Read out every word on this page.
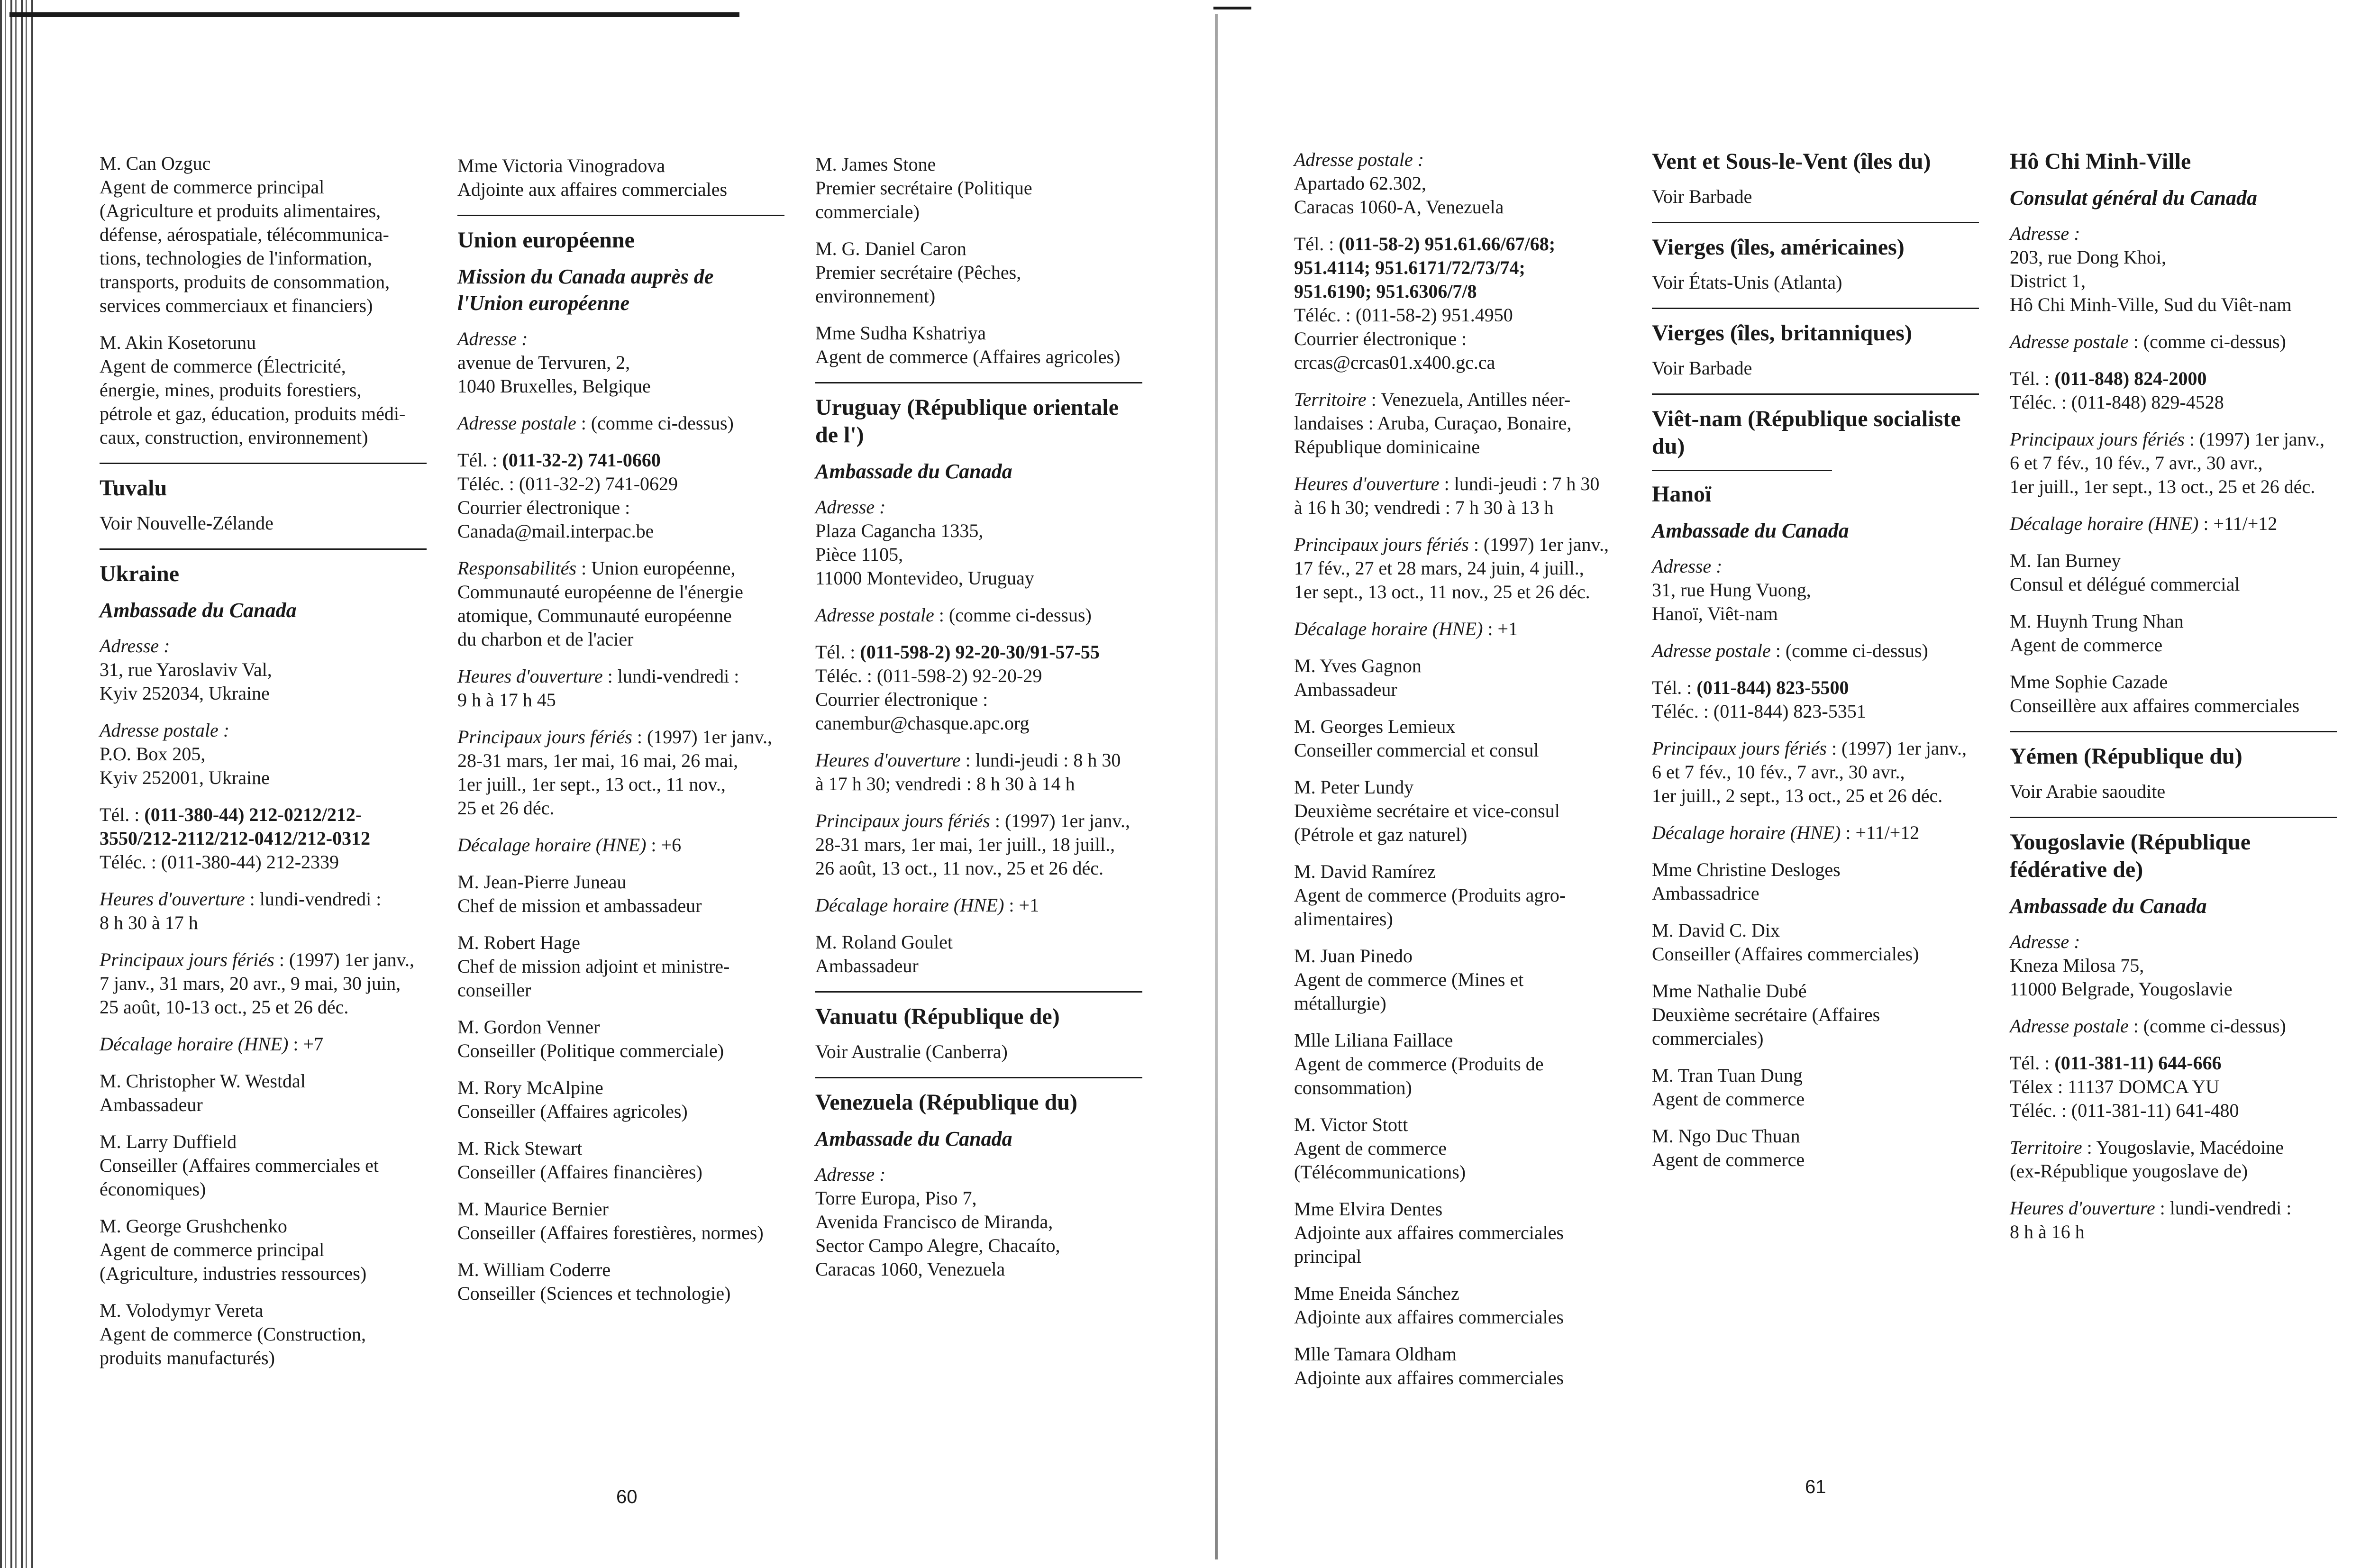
M. Can Ozguc
Agent de commerce principal
(Agriculture et produits alimentaires,
défense, aérospatiale, télécommunica-
tions, technologies de l'information,
transports, produits de consommation,
services commerciaux et financiers)

M. Akin Kosetorunu
Agent de commerce (Électricité,
énergie, mines, produits forestiers,
pétrole et gaz, éducation, produits médi-
caux, construction, environnement)

Tuvalu

Voir Nouvelle-Zélande

Ukraine
Ambassade du Canada

Adresse :
31, rue Yaroslaviv Val,
Kyiv 252034, Ukraine

Adresse postale :
P.O. Box 205,
Kyiv 252001, Ukraine

Tél. : (011-380-44) 212-0212/212-
3550/212-2112/212-0412/212-0312
Téléc. : (011-380-44) 212-2339

Heures d'ouverture : lundi-vendredi :
8 h 30 à 17 h

Principaux jours fériés : (1997) 1er janv.,
7 janv., 31 mars, 20 avr., 9 mai, 30 juin,
25 août, 10-13 oct., 25 et 26 déc.

Décalage horaire (HNE) : +7

M. Christopher W. Westdal
Ambassadeur

M. Larry Duffield
Conseiller (Affaires commerciales et
économiques)

M. George Grushchenko
Agent de commerce principal
(Agriculture, industries ressources)

M. Volodymyr Vereta
Agent de commerce (Construction,
produits manufacturés)

Mme Victoria Vinogradova
Adjointe aux affaires commerciales

Union européenne
Mission du Canada auprès de l'Union européenne

Adresse :
avenue de Tervuren, 2,
1040 Bruxelles, Belgique

Adresse postale : (comme ci-dessus)

Tél. : (011-32-2) 741-0660
Téléc. : (011-32-2) 741-0629
Courrier électronique :
Canada@mail.interpac.be

Responsabilités : Union européenne,
Communauté européenne de l'énergie
atomique, Communauté européenne
du charbon et de l'acier

Heures d'ouverture : lundi-vendredi :
9 h à 17 h 45

Principaux jours fériés : (1997) 1er janv.,
28-31 mars, 1er mai, 16 mai, 26 mai,
1er juill., 1er sept., 13 oct., 11 nov.,
25 et 26 déc.

Décalage horaire (HNE) : +6

M. Jean-Pierre Juneau
Chef de mission et ambassadeur

M. Robert Hage
Chef de mission adjoint et ministre-
conseiller

M. Gordon Venner
Conseiller (Politique commerciale)

M. Rory McAlpine
Conseiller (Affaires agricoles)

M. Rick Stewart
Conseiller (Affaires financières)

M. Maurice Bernier
Conseiller (Affaires forestières, normes)

M. William Coderre
Conseiller (Sciences et technologie)

M. James Stone
Premier secrétaire (Politique
commerciale)

M. G. Daniel Caron
Premier secrétaire (Pêches,
environnement)

Mme Sudha Kshatriya
Agent de commerce (Affaires agricoles)

Uruguay (République orientale de l')
Ambassade du Canada

Adresse :
Plaza Cagancha 1335,
Pièce 1105,
11000 Montevideo, Uruguay

Adresse postale : (comme ci-dessus)

Tél. : (011-598-2) 92-20-30/91-57-55
Téléc. : (011-598-2) 92-20-29
Courrier électronique :
canembur@chasque.apc.org

Heures d'ouverture : lundi-jeudi : 8 h 30
à 17 h 30; vendredi : 8 h 30 à 14 h

Principaux jours fériés : (1997) 1er janv.,
28-31 mars, 1er mai, 1er juill., 18 juill.,
26 août, 13 oct., 11 nov., 25 et 26 déc.

Décalage horaire (HNE) : +1

M. Roland Goulet
Ambassadeur

Vanuatu (République de)

Voir Australie (Canberra)

Venezuela (République du)
Ambassade du Canada

Adresse :
Torre Europa, Piso 7,
Avenida Francisco de Miranda,
Sector Campo Alegre, Chacaíto,
Caracas 1060, Venezuela

Adresse postale :
Apartado 62.302,
Caracas 1060-A, Venezuela

Tél. : (011-58-2) 951.61.66/67/68;
951.4114; 951.6171/72/73/74;
951.6190; 951.6306/7/8
Téléc. : (011-58-2) 951.4950
Courrier électronique :
crcas@crcas01.x400.gc.ca

Territoire : Venezuela, Antilles néer-
landaises : Aruba, Curaçao, Bonaire,
République dominicaine

Heures d'ouverture : lundi-jeudi : 7 h 30
à 16 h 30; vendredi : 7 h 30 à 13 h

Principaux jours fériés : (1997) 1er janv.,
17 fév., 27 et 28 mars, 24 juin, 4 juill.,
1er sept., 13 oct., 11 nov., 25 et 26 déc.

Décalage horaire (HNE) : +1

M. Yves Gagnon
Ambassadeur

M. Georges Lemieux
Conseiller commercial et consul

M. Peter Lundy
Deuxième secrétaire et vice-consul
(Pétrole et gaz naturel)

M. David Ramírez
Agent de commerce (Produits agro-
alimentaires)

M. Juan Pinedo
Agent de commerce (Mines et
métallurgie)

Mlle Liliana Faillace
Agent de commerce (Produits de
consommation)

M. Victor Stott
Agent de commerce
(Télécommunications)

Mme Elvira Dentes
Adjointe aux affaires commerciales
principal

Mme Eneida Sánchez
Adjointe aux affaires commerciales

Mlle Tamara Oldham
Adjointe aux affaires commerciales

Vent et Sous-le-Vent (îles du)

Voir Barbade

Vierges (îles, américaines)

Voir États-Unis (Atlanta)

Vierges (îles, britanniques)

Voir Barbade

Viêt-nam (République socialiste du)
Hanoï
Ambassade du Canada

Adresse :
31, rue Hung Vuong,
Hanoï, Viêt-nam

Adresse postale : (comme ci-dessus)

Tél. : (011-844) 823-5500
Téléc. : (011-844) 823-5351

Principaux jours fériés : (1997) 1er janv.,
6 et 7 fév., 10 fév., 7 avr., 30 avr.,
1er juill., 2 sept., 13 oct., 25 et 26 déc.

Décalage horaire (HNE) : +11/+12

Mme Christine Desloges
Ambassadrice

M. David C. Dix
Conseiller (Affaires commerciales)

Mme Nathalie Dubé
Deuxième secrétaire (Affaires
commerciales)

M. Tran Tuan Dung
Agent de commerce

M. Ngo Duc Thuan
Agent de commerce

Hô Chi Minh-Ville
Consulat général du Canada

Adresse :
203, rue Dong Khoi,
District 1,
Hô Chi Minh-Ville, Sud du Viêt-nam

Adresse postale : (comme ci-dessus)

Tél. : (011-848) 824-2000
Téléc. : (011-848) 829-4528

Principaux jours fériés : (1997) 1er janv.,
6 et 7 fév., 10 fév., 7 avr., 30 avr.,
1er juill., 1er sept., 13 oct., 25 et 26 déc.

Décalage horaire (HNE) : +11/+12

M. Ian Burney
Consul et délégué commercial

M. Huynh Trung Nhan
Agent de commerce

Mme Sophie Cazade
Conseillère aux affaires commerciales

Yémen (République du)

Voir Arabie saoudite

Yougoslavie (République fédérative de)
Ambassade du Canada

Adresse :
Kneza Milosa 75,
11000 Belgrade, Yougoslavie

Adresse postale : (comme ci-dessus)

Tél. : (011-381-11) 644-666
Télex : 11137 DOMCA YU
Téléc. : (011-381-11) 641-480

Territoire : Yougoslavie, Macédoine
(ex-République yougoslave de)

Heures d'ouverture : lundi-vendredi :
8 h à 16 h

60	61
